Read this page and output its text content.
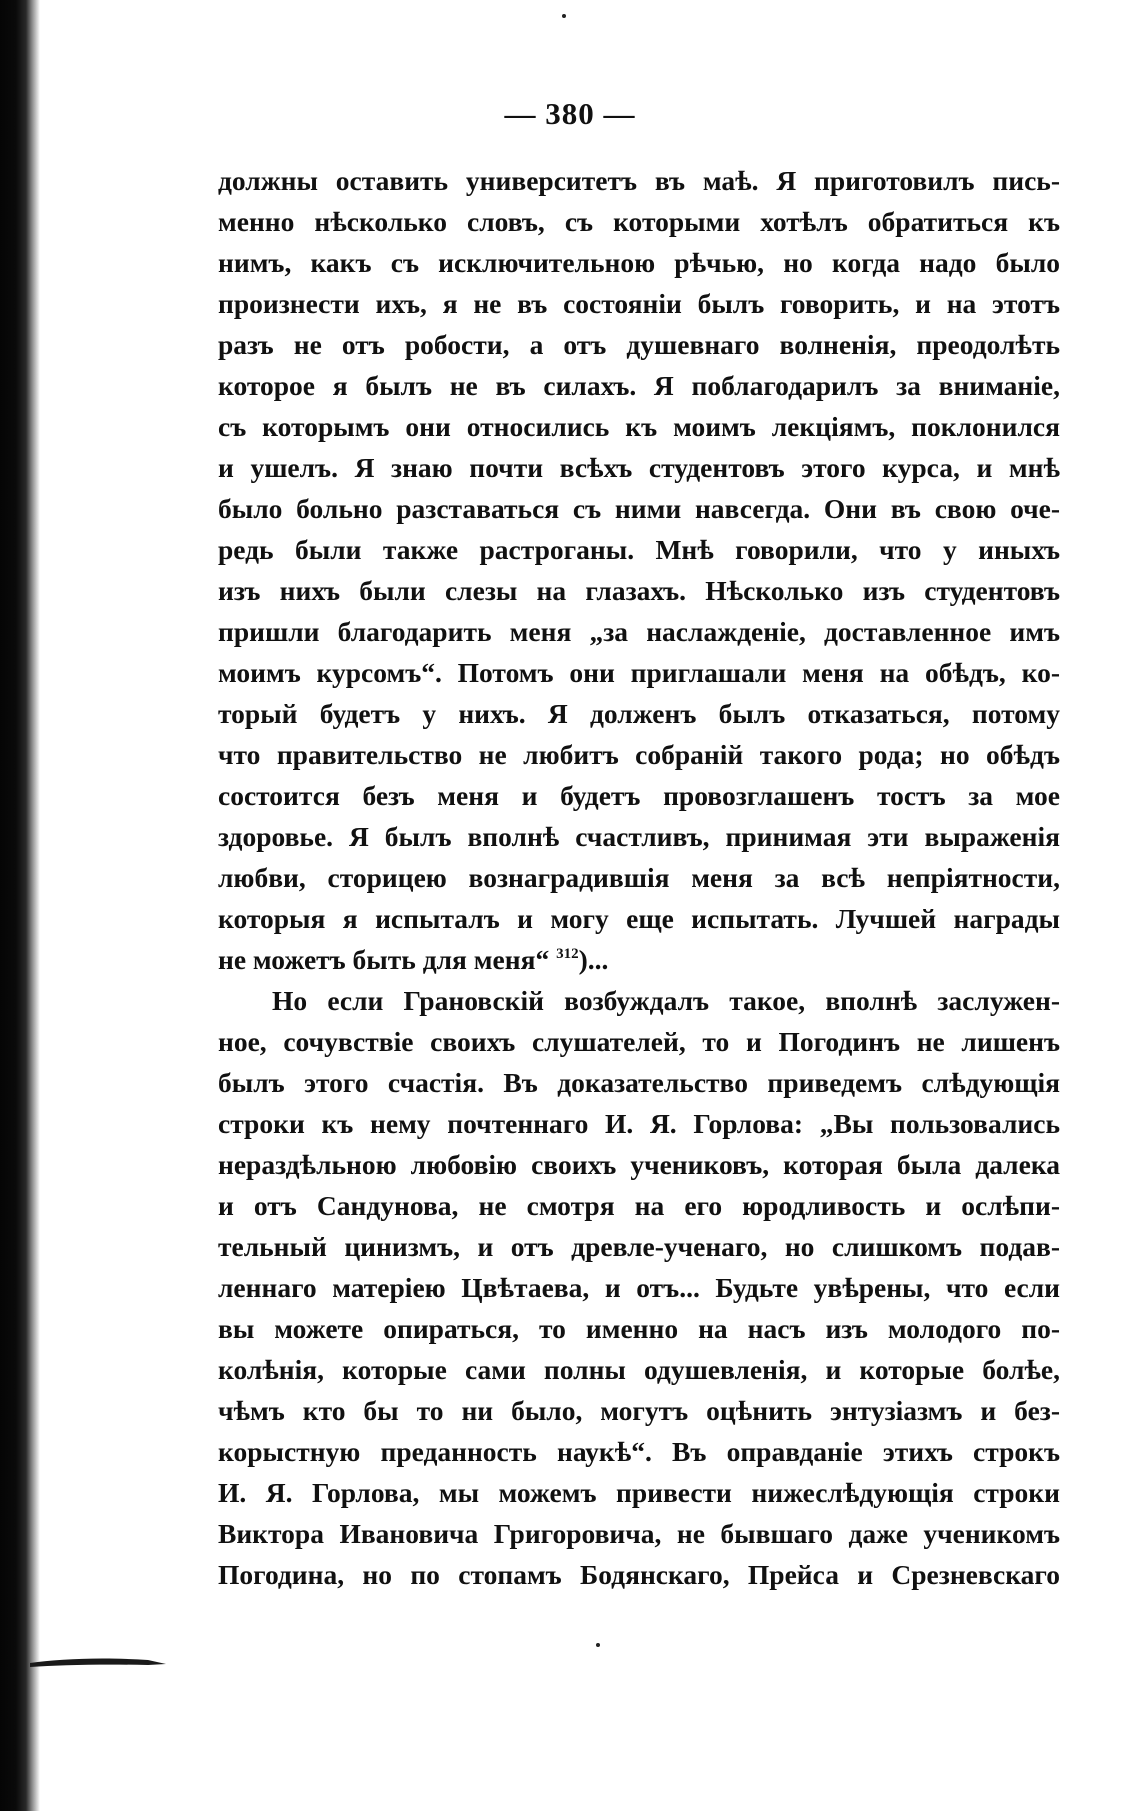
— 380 —
должны оставить университетъ въ маѣ. Я приготовилъ пись-
менно нѣсколько словъ, съ которыми хотѣлъ обратиться къ
нимъ, какъ съ исключительною рѣчью, но когда надо было
произнести ихъ, я не въ состояніи былъ говорить, и на этотъ
разъ не отъ робости, а отъ душевнаго волненія, преодолѣть
которое я былъ не въ силахъ. Я поблагодарилъ за вниманіе,
съ которымъ они относились къ моимъ лекціямъ, поклонился
и ушелъ. Я знаю почти всѣхъ студентовъ этого курса, и мнѣ
было больно разставаться съ ними навсегда. Они въ свою оче-
редь были также растроганы. Мнѣ говорили, что у иныхъ
изъ нихъ были слезы на глазахъ. Нѣсколько изъ студентовъ
пришли благодарить меня „за наслажденіе, доставленное имъ
моимъ курсомъ“. Потомъ они приглашали меня на обѣдъ, ко-
торый будетъ у нихъ. Я долженъ былъ отказаться, потому
что правительство не любитъ собраній такого рода; но обѣдъ
состоится безъ меня и будетъ провозглашенъ тостъ за мое
здоровье. Я былъ вполнѣ счастливъ, принимая эти выраженія
любви, сторицею вознаградившія меня за всѣ непріятности,
которыя я испыталъ и могу еще испытать. Лучшей награды
не можетъ быть для меня“ $^{312}$)...
Но если Грановскій возбуждалъ такое, вполнѣ заслужен-
ное, сочувствіе своихъ слушателей, то и Погодинъ не лишенъ
былъ этого счастія. Въ доказательство приведемъ слѣдующія
строки къ нему почтеннаго И. Я. Горлова: „Вы пользовались
нераздѣльною любовію своихъ учениковъ, которая была далека
и отъ Сандунова, не смотря на его юродливость и ослѣпи-
тельный цинизмъ, и отъ древле-ученаго, но слишкомъ подав-
леннаго матеріею Цвѣтаева, и отъ... Будьте увѣрены, что если
вы можете опираться, то именно на насъ изъ молодого по-
колѣнія, которые сами полны одушевленія, и которые болѣе,
чѣмъ кто бы то ни было, могутъ оцѣнить энтузіазмъ и без-
корыстную преданность наукѣ“. Въ оправданіе этихъ строкъ
И. Я. Горлова, мы можемъ привести нижеслѣдующія строки
Виктора Ивановича Григоровича, не бывшаго даже ученикомъ
Погодина, но по стопамъ Бодянскаго, Прейса и Срезневскаго
